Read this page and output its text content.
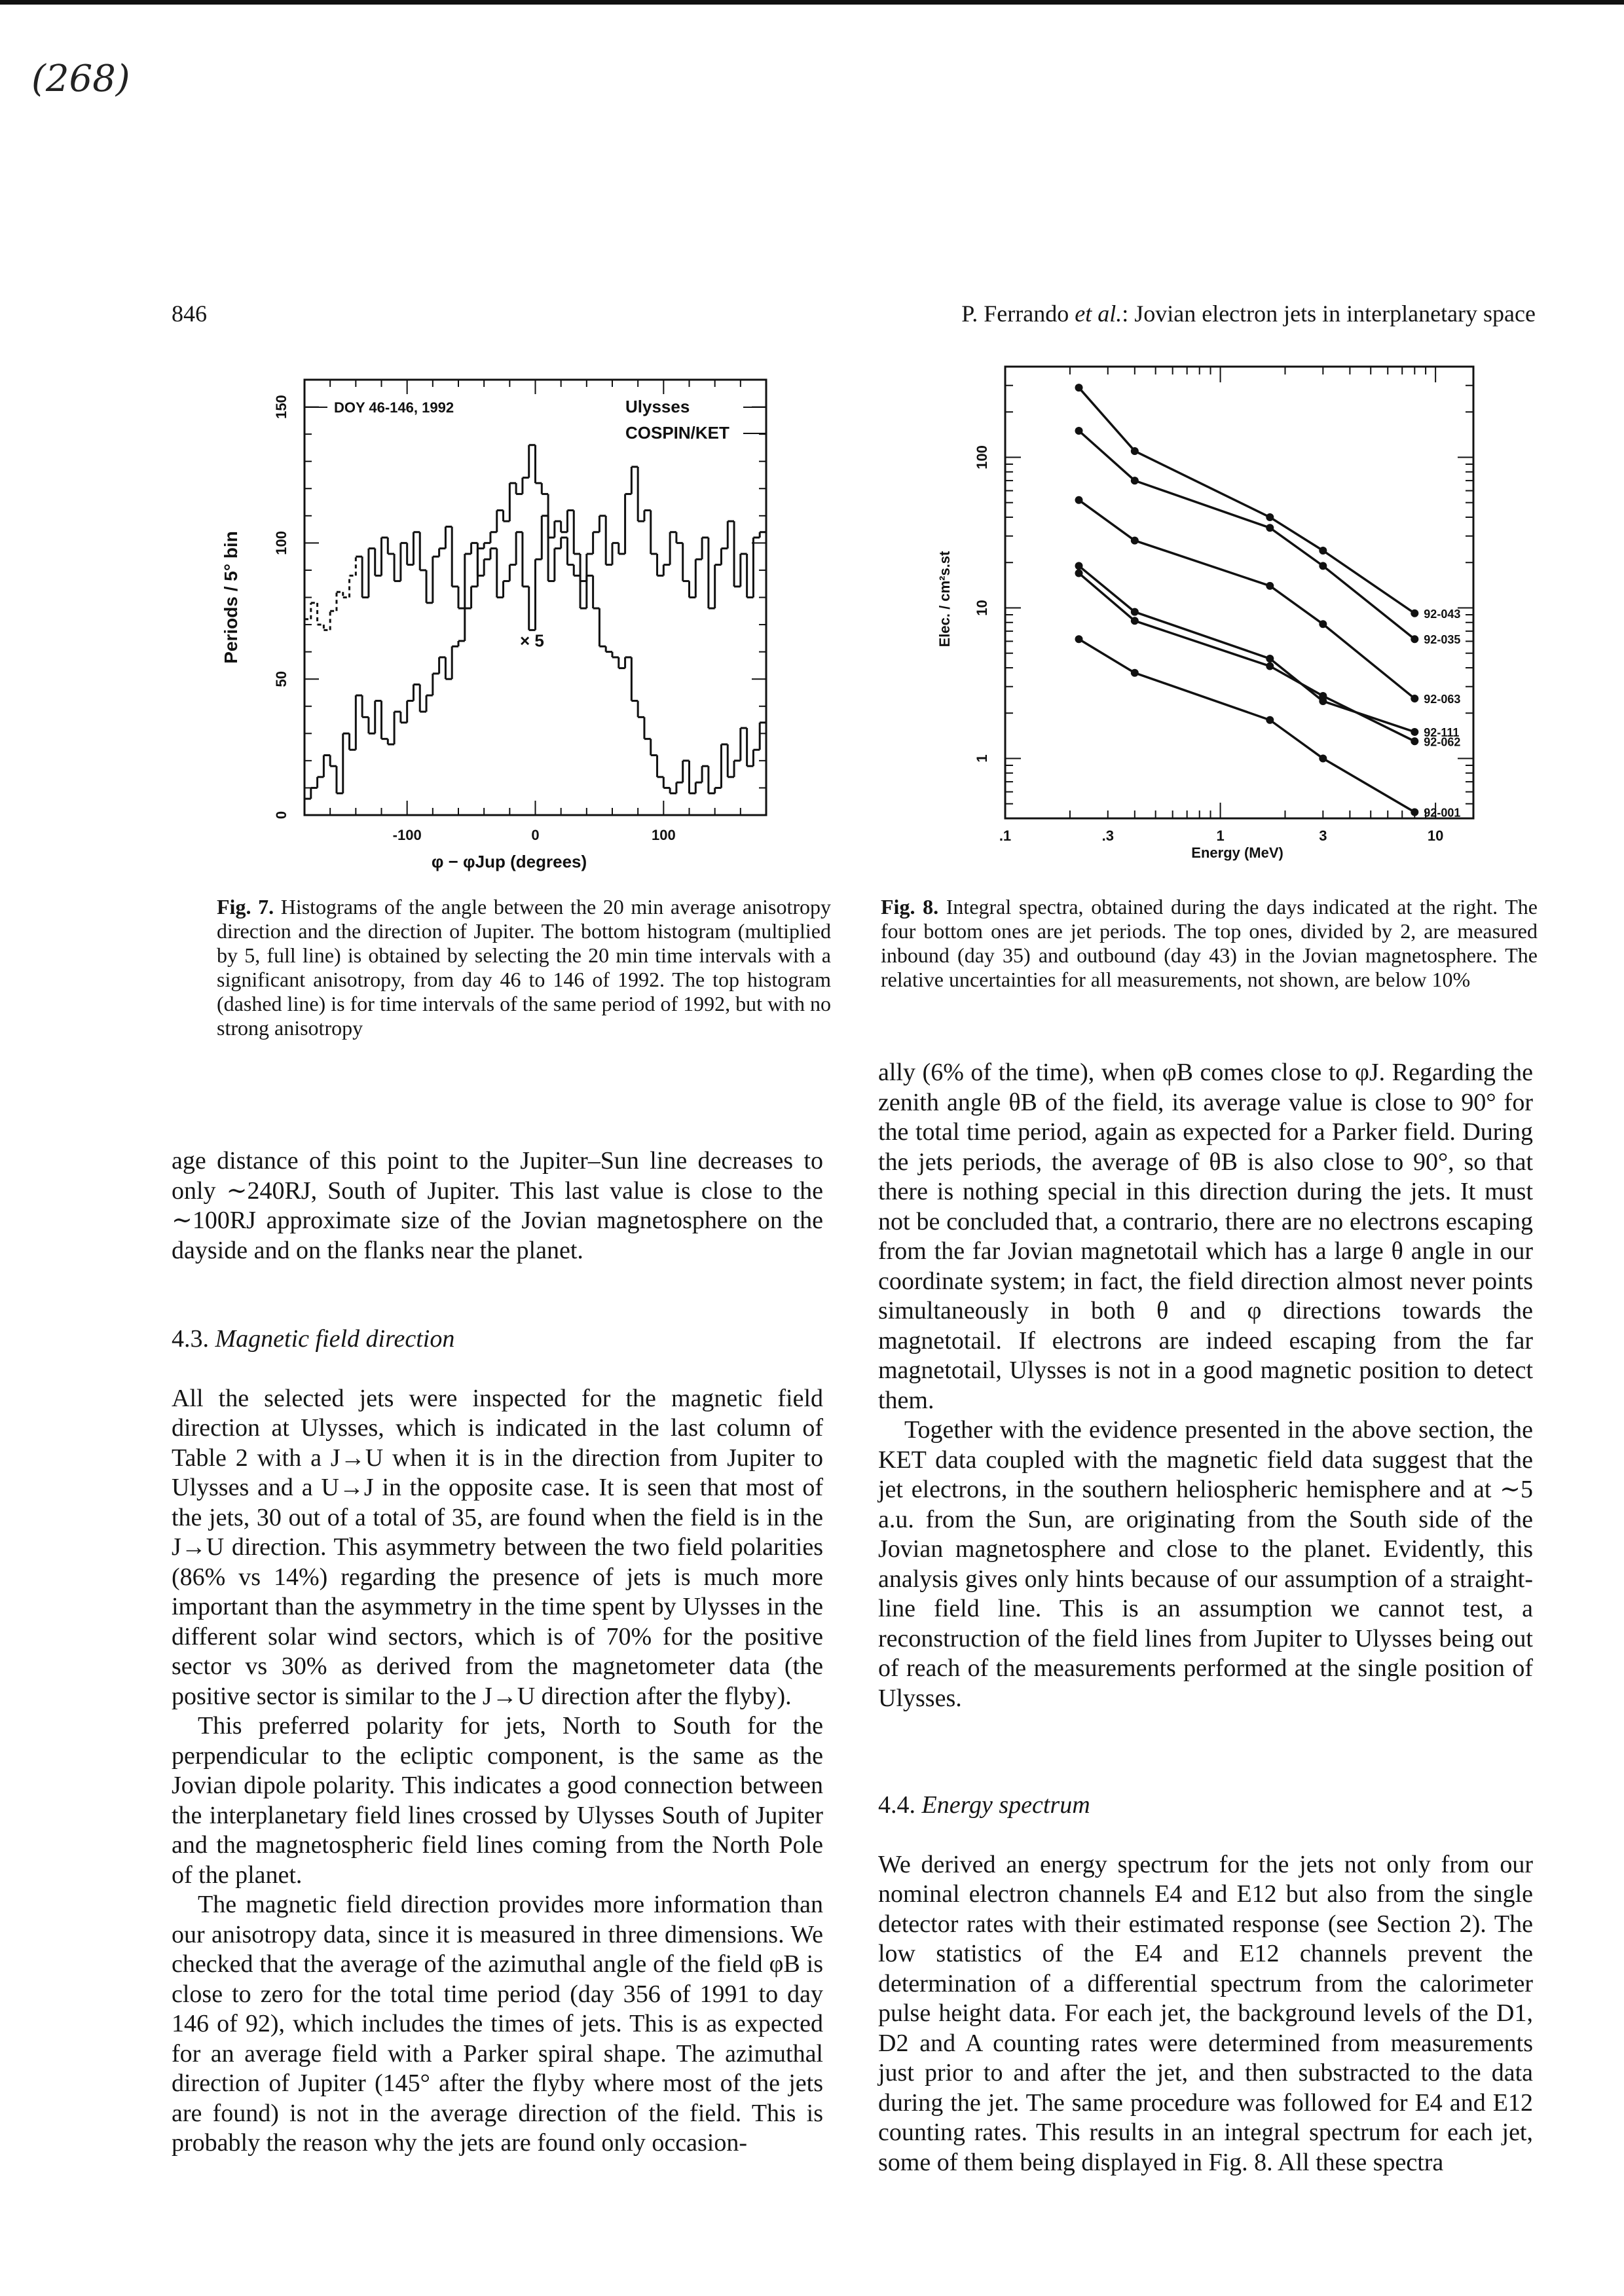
(268)
846	P. Ferrando et al.: Jovian electron jets in interplanetary space
-100	0	100
0
50
100
150
φ − φJup (degrees)
Periods / 5° bin
DOY 46-146, 1992	Ulysses
COSPIN/KET
× 5
.1	.3	1	3	10
1
10
100
Energy (MeV)
Elec. / cm²s.st	92-043
92-035
92-063
92-111
92-062
92-001
Fig. 7. Histograms of the angle between the 20 min average anisotropy direction and the direction of Jupiter. The bottom histogram (multiplied by 5, full line) is obtained by selecting the 20 min time intervals with a significant anisotropy, from day 46 to 146 of 1992. The top histogram (dashed line) is for time intervals of the same period of 1992, but with no strong anisotropy
Fig. 8. Integral spectra, obtained during the days indicated at the right. The four bottom ones are jet periods. The top ones, divided by 2, are measured inbound (day 35) and outbound (day 43) in the Jovian magnetosphere. The relative uncertainties for all measurements, not shown, are below 10%

age distance of this point to the Jupiter–Sun line decreases to only ∼240RJ, South of Jupiter. This last value is close to the ∼100RJ approximate size of the Jovian magnetosphere on the dayside and on the flanks near the planet.

4.3. Magnetic field direction

All the selected jets were inspected for the magnetic field direction at Ulysses, which is indicated in the last column of Table 2 with a J→U when it is in the direction from Jupiter to Ulysses and a U→J in the opposite case. It is seen that most of the jets, 30 out of a total of 35, are found when the field is in the J→U direction. This asymmetry between the two field polarities (86% vs 14%) regarding the presence of jets is much more important than the asymmetry in the time spent by Ulysses in the different solar wind sectors, which is of 70% for the positive sector vs 30% as derived from the magnetometer data (the positive sector is similar to the J→U direction after the flyby).

This preferred polarity for jets, North to South for the perpendicular to the ecliptic component, is the same as the Jovian dipole polarity. This indicates a good connection between the interplanetary field lines crossed by Ulysses South of Jupiter and the magnetospheric field lines coming from the North Pole of the planet.

The magnetic field direction provides more information than our anisotropy data, since it is measured in three dimensions. We checked that the average of the azimuthal angle of the field φB is close to zero for the total time period (day 356 of 1991 to day 146 of 92), which includes the times of jets. This is as expected for an average field with a Parker spiral shape. The azimuthal direction of Jupiter (145° after the flyby where most of the jets are found) is not in the average direction of the field. This is probably the reason why the jets are found only occasion-

ally (6% of the time), when φB comes close to φJ. Regarding the zenith angle θB of the field, its average value is close to 90° for the total time period, again as expected for a Parker field. During the jets periods, the average of θB is also close to 90°, so that there is nothing special in this direction during the jets. It must not be concluded that, a contrario, there are no electrons escaping from the far Jovian magnetotail which has a large θ angle in our coordinate system; in fact, the field direction almost never points simultaneously in both θ and φ directions towards the magnetotail. If electrons are indeed escaping from the far magnetotail, Ulysses is not in a good magnetic position to detect them.

Together with the evidence presented in the above section, the KET data coupled with the magnetic field data suggest that the jet electrons, in the southern heliospheric hemisphere and at ∼5 a.u. from the Sun, are originating from the South side of the Jovian magnetosphere and close to the planet. Evidently, this analysis gives only hints because of our assumption of a straight-line field line. This is an assumption we cannot test, a reconstruction of the field lines from Jupiter to Ulysses being out of reach of the measurements performed at the single position of Ulysses.

4.4. Energy spectrum

We derived an energy spectrum for the jets not only from our nominal electron channels E4 and E12 but also from the single detector rates with their estimated response (see Section 2). The low statistics of the E4 and E12 channels prevent the determination of a differential spectrum from the calorimeter pulse height data. For each jet, the background levels of the D1, D2 and A counting rates were determined from measurements just prior to and after the jet, and then substracted to the data during the jet. The same procedure was followed for E4 and E12 counting rates. This results in an integral spectrum for each jet, some of them being displayed in Fig. 8. All these spectra
